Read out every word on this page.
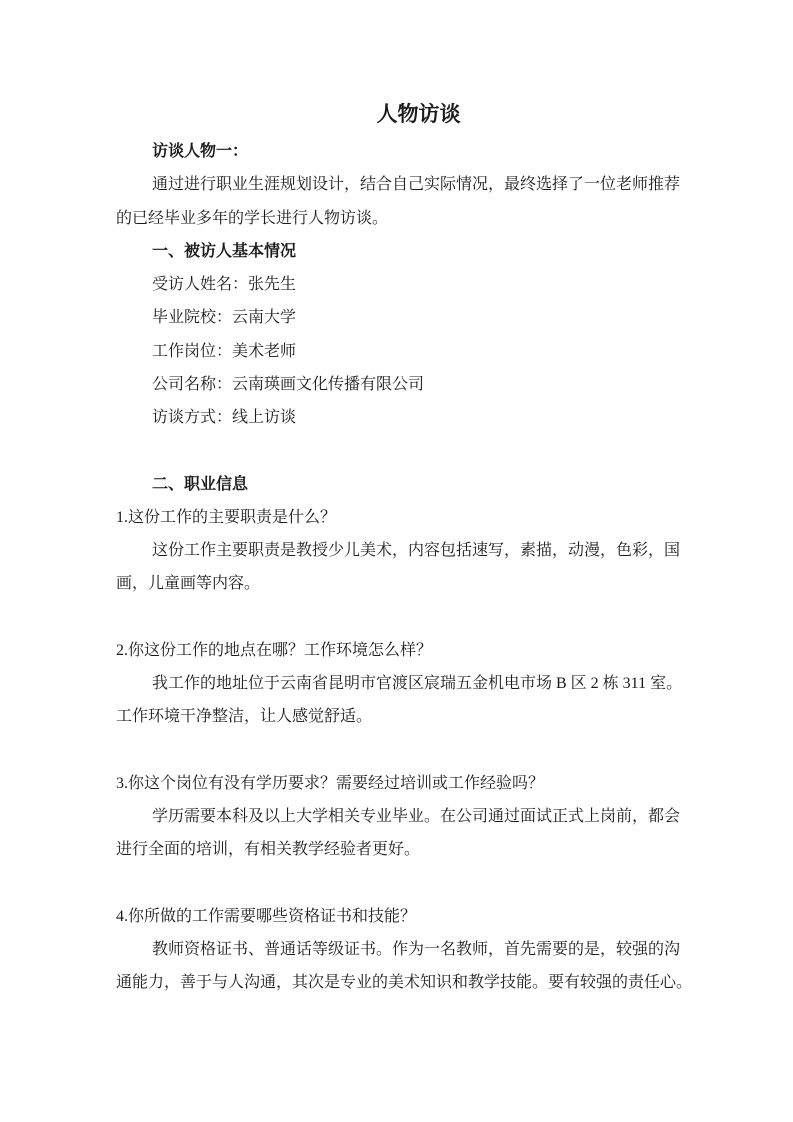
人物访谈
访谈人物一：
通过进行职业生涯规划设计，结合自己实际情况，最终选择了一位老师推荐
的已经毕业多年的学长进行人物访谈。
一、被访人基本情况
受访人姓名：张先生
毕业院校：云南大学
工作岗位：美术老师
公司名称：云南瑛画文化传播有限公司
访谈方式：线上访谈
二、职业信息
1.这份工作的主要职责是什么？
这份工作主要职责是教授少儿美术，内容包括速写，素描，动漫，色彩，国
画，儿童画等内容。
2.你这份工作的地点在哪？工作环境怎么样？
我工作的地址位于云南省昆明市官渡区宸瑞五金机电市场 B 区 2 栋 311 室。
工作环境干净整洁，让人感觉舒适。
3.你这个岗位有没有学历要求？需要经过培训或工作经验吗？
学历需要本科及以上大学相关专业毕业。在公司通过面试正式上岗前，都会
进行全面的培训，有相关教学经验者更好。
4.你所做的工作需要哪些资格证书和技能？
教师资格证书、普通话等级证书。作为一名教师，首先需要的是，较强的沟
通能力，善于与人沟通，其次是专业的美术知识和教学技能。要有较强的责任心。
